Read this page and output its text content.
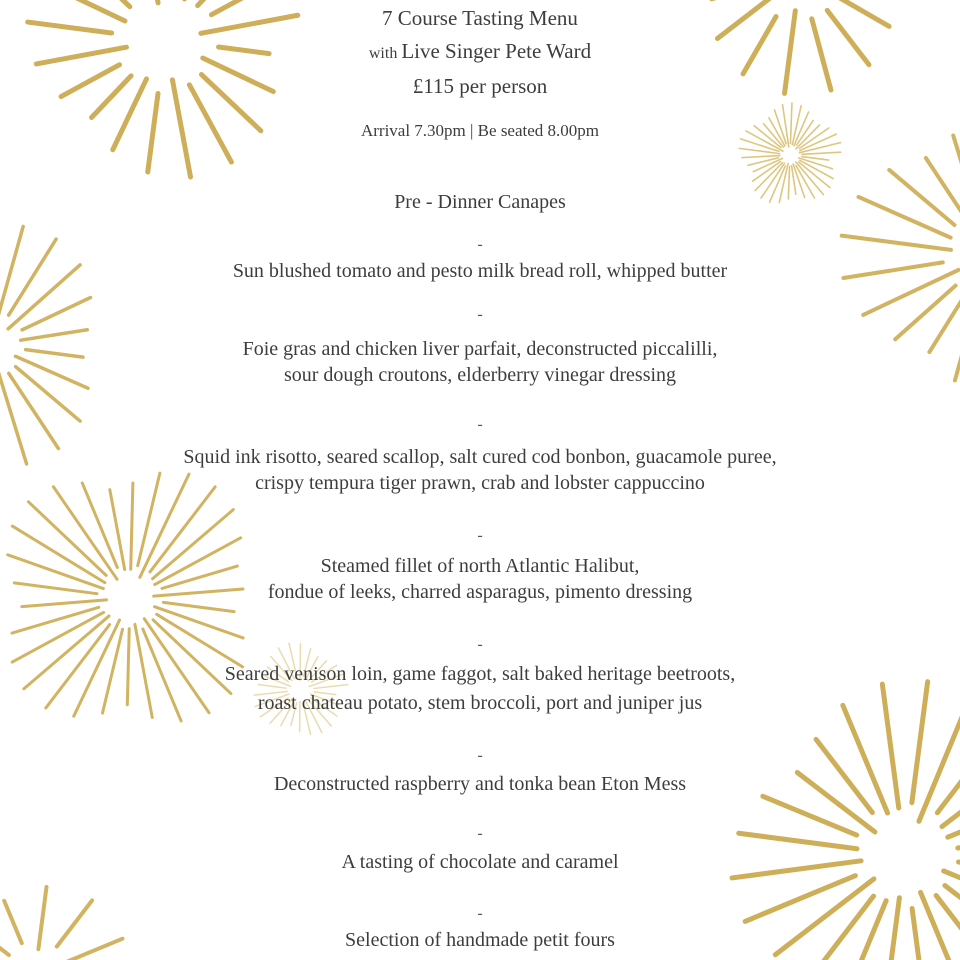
7 Course Tasting Menu
with Live Singer Pete Ward
£115 per person
Arrival 7.30pm | Be seated 8.00pm
Pre - Dinner Canapes
-
Sun blushed tomato and pesto milk bread roll, whipped butter
-
Foie gras and chicken liver parfait, deconstructed piccalilli,
sour dough croutons, elderberry vinegar dressing
-
Squid ink risotto, seared scallop, salt cured cod bonbon, guacamole puree,
crispy tempura tiger prawn, crab and lobster cappuccino
-
Steamed fillet of north Atlantic Halibut,
fondue of leeks, charred asparagus, pimento dressing
-
Seared venison loin, game faggot, salt baked heritage beetroots,
roast chateau potato, stem broccoli, port and juniper jus
-
Deconstructed raspberry and tonka bean Eton Mess
-
A tasting of chocolate and caramel
-
Selection of handmade petit fours
